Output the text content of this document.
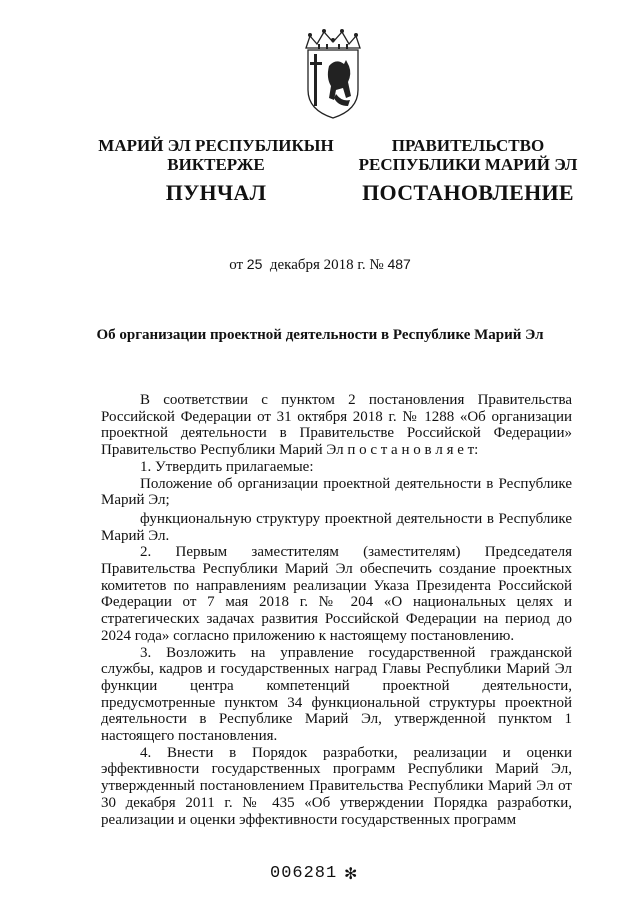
МАРИЙ ЭЛ РЕСПУБЛИКЫН
ВИКТЕРЖЕ
ПУНЧАЛ
ПРАВИТЕЛЬСТВО
РЕСПУБЛИКИ МАРИЙ ЭЛ
ПОСТАНОВЛЕНИЕ
от 25 декабря 2018 г. № 487
Об организации проектной деятельности в Республике Марий Эл

В соответствии с пунктом 2 постановления Правительства Российской Федерации от 31 октября 2018 г. № 1288 «Об организации проектной деятельности в Правительстве Российской Федерации» Правительство Республики Марий Эл п о с т а н о в л я е т:

1. Утвердить прилагаемые:

Положение об организации проектной деятельности в Республике Марий Эл;

функциональную структуру проектной деятельности в Республике Марий Эл.

2. Первым заместителям (заместителям) Председателя Правительства Республики Марий Эл обеспечить создание проектных комитетов по направлениям реализации Указа Президента Российской Федерации от 7 мая 2018 г. № 204 «О национальных целях и стратегических задачах развития Российской Федерации на период до 2024 года» согласно приложению к настоящему постановлению.

3. Возложить на управление государственной гражданской службы, кадров и государственных наград Главы Республики Марий Эл функции центра компетенций проектной деятельности, предусмотренные пунктом 34 функциональной структуры проектной деятельности в Республике Марий Эл, утвержденной пунктом 1 настоящего постановления.

4. Внести в Порядок разработки, реализации и оценки эффективности государственных программ Республики Марий Эл, утвержденный постановлением Правительства Республики Марий Эл от 30 декабря 2011 г. № 435 «Об утверждении Порядка разработки, реализации и оценки эффективности государственных программ

006281 ✻
